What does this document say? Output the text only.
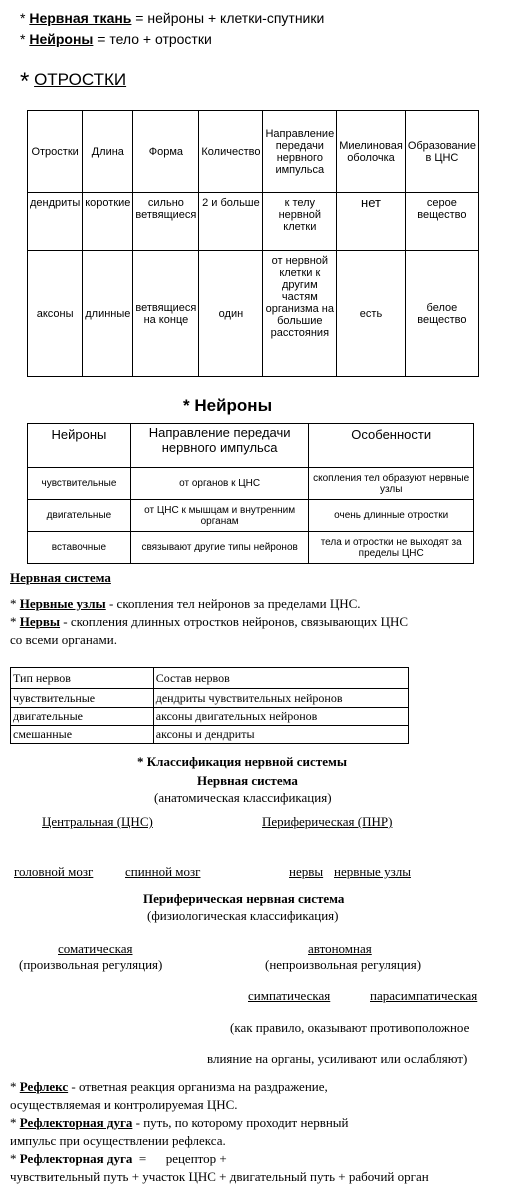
* Нервная ткань = нейроны + клетки-спутники
* Нейроны = тело + отростки
* ОТРОСТКИ
Отростки	Длина	Форма	Количество	Направление передачи нервного импульса	Миелиновая оболочка	Образование в ЦНС
дендриты	короткие	сильно ветвящиеся	2 и больше	к телу нервной клетки	нет	серое вещество
аксоны	длинные	ветвящиеся на конце	один	от нервной клетки к другим частям организма на большие расстояния	есть	белое вещество
* Нейроны
Нейроны	Направление передачи нервного импульса	Особенности
чувствительные	от органов к ЦНС	скопления тел образуют нервные узлы
двигательные	от ЦНС к мышцам и внутренним органам	очень длинные отростки
вставочные	связывают другие типы нейронов	тела и отростки не выходят за пределы ЦНС
Нервная система
* Нервные узлы - скопления тел нейронов за пределами ЦНС.
* Нервы - скопления длинных отростков нейронов, связывающих ЦНС
со всеми органами.
Тип нервов	Состав нервов
чувствительные	дендриты чувствительных нейронов
двигательные	аксоны двигательных нейронов
смешанные	аксоны и дендриты
* Классификация нервной системы
Нервная система
(анатомическая классификация)
Центральная (ЦНС)	Периферическая (ПНР)
головной мозг спинной мозг	нервы нервные узлы
Периферическая нервная система
(физиологическая классификация)
соматическая
(произвольная регуляция)
автономная
(непроизвольная регуляция)
симпатическая	парасимпатическая
(как правило, оказывают противоположное
влияние на органы, усиливают или ослабляют)
* Рефлекс - ответная реакция организма на раздражение,
осуществляемая и контролируемая ЦНС.
* Рефлекторная дуга - путь, по которому проходит нервный
импульс при осуществлении рефлекса.
* Рефлекторная дуга  =      рецептор +
чувствительный путь + участок ЦНС + двигательный путь + рабочий орган
